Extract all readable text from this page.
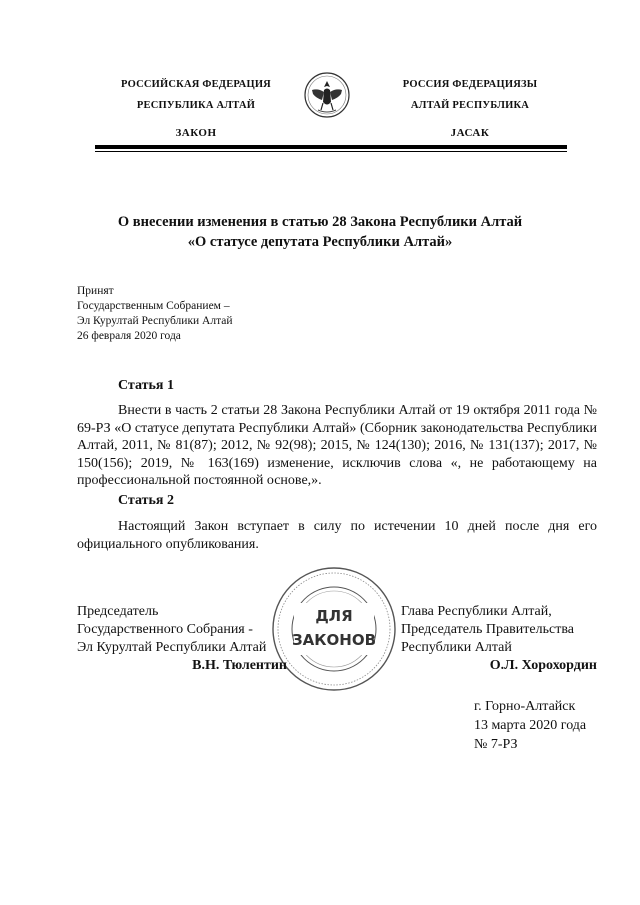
РОССИЙСКАЯ ФЕДЕРАЦИЯ
РЕСПУБЛИКА АЛТАЙ
ЗАКОН
РОССИЯ ФЕДЕРАЦИЯЗЫ
АЛТАЙ РЕСПУБЛИКА
JАСАК
О внесении изменения в статью 28 Закона Республики Алтай
«О статусе депутата Республики Алтай»
Принят
Государственным Собранием –
Эл Курултай Республики Алтай
26 февраля 2020 года
Статья 1
Внести в часть 2 статьи 28 Закона Республики Алтай от 19 октября 2011 года № 69-РЗ «О статусе депутата Республики Алтай» (Сборник законодательства Республики Алтай, 2011, № 81(87); 2012, № 92(98); 2015, № 124(130); 2016, № 131(137); 2017, № 150(156); 2019, № 163(169) изменение, исключив слова «, не работающему на профессиональной постоянной основе,».
Статья 2
Настоящий Закон вступает в силу по истечении 10 дней после дня его официального опубликования.
ДЛЯ
ЗАКОНОВ
Председатель
Государственного Собрания -
Эл Курултай Республики Алтай
В.Н. Тюлентин
Глава Республики Алтай,
Председатель Правительства
Республики Алтай
О.Л. Хорохордин
г. Горно-Алтайск
13 марта 2020 года
№ 7-РЗ
